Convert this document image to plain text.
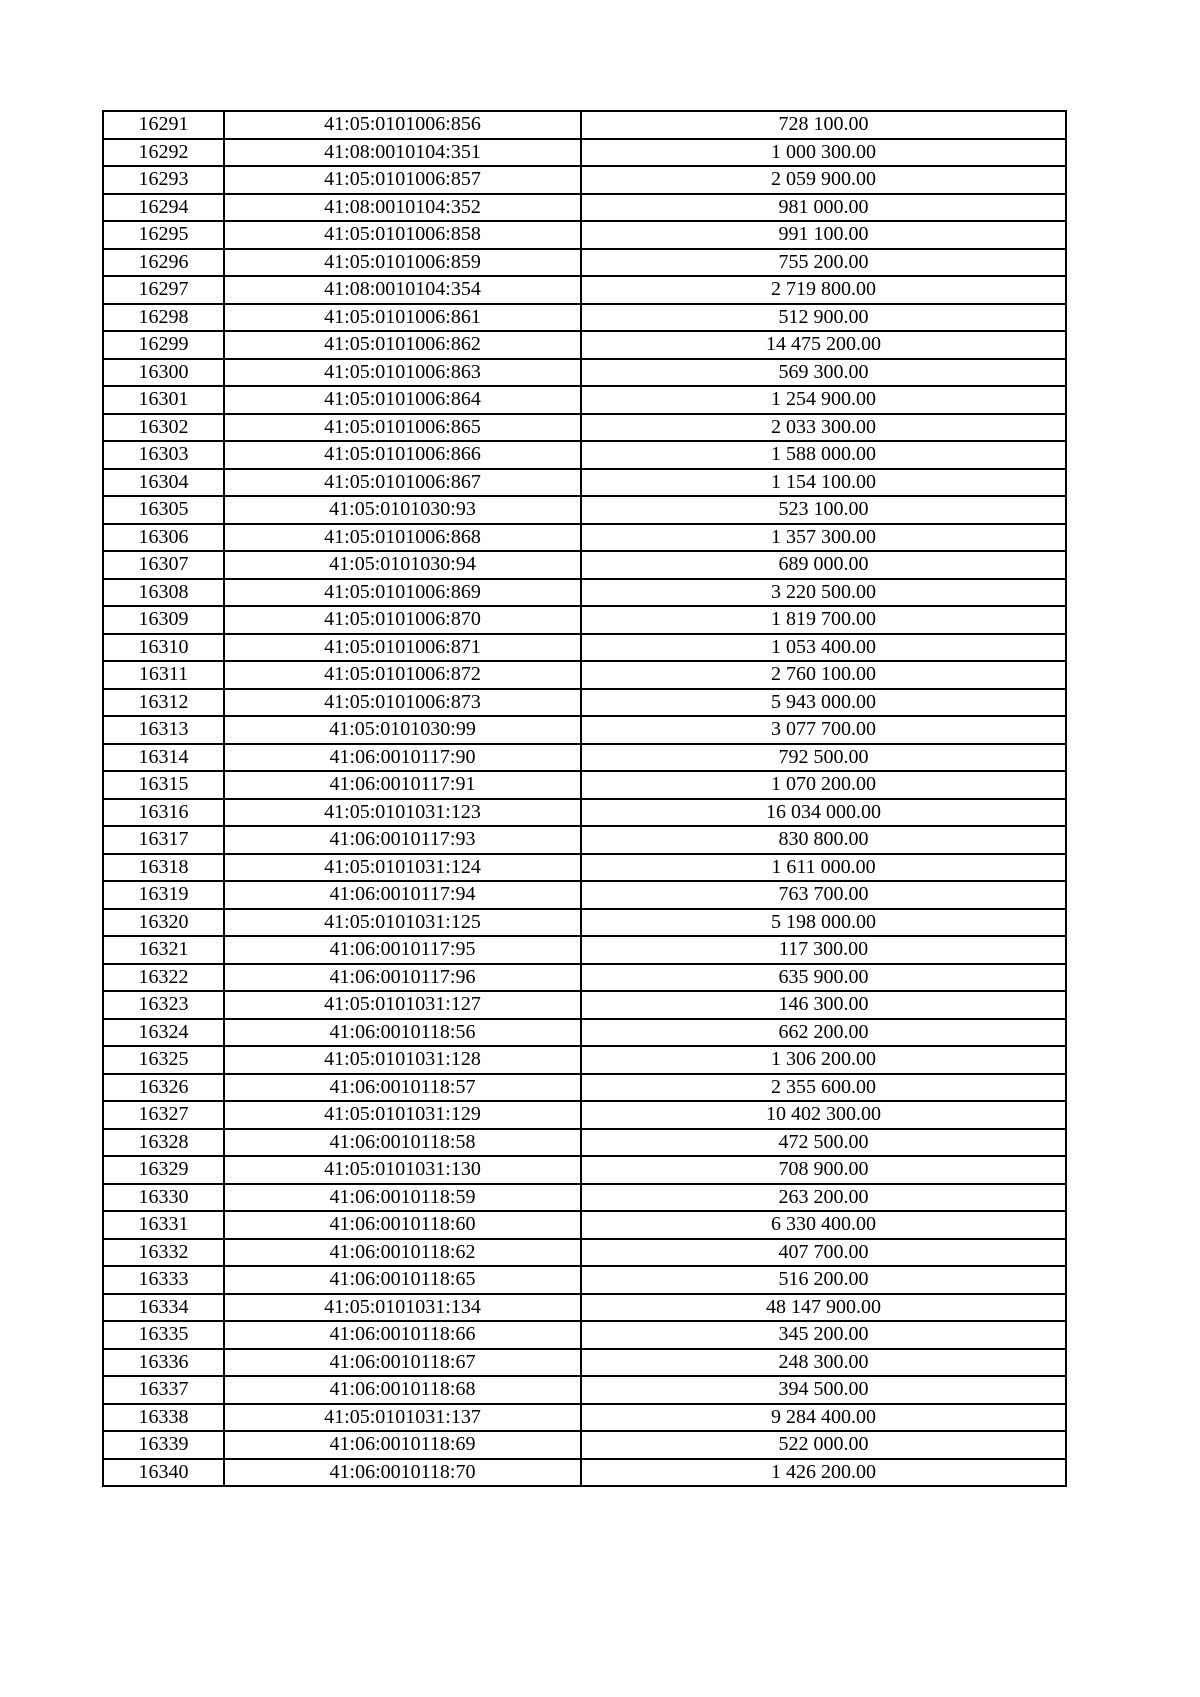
16291	41:05:0101006:856	728 100.00
16292	41:08:0010104:351	1 000 300.00
16293	41:05:0101006:857	2 059 900.00
16294	41:08:0010104:352	981 000.00
16295	41:05:0101006:858	991 100.00
16296	41:05:0101006:859	755 200.00
16297	41:08:0010104:354	2 719 800.00
16298	41:05:0101006:861	512 900.00
16299	41:05:0101006:862	14 475 200.00
16300	41:05:0101006:863	569 300.00
16301	41:05:0101006:864	1 254 900.00
16302	41:05:0101006:865	2 033 300.00
16303	41:05:0101006:866	1 588 000.00
16304	41:05:0101006:867	1 154 100.00
16305	41:05:0101030:93	523 100.00
16306	41:05:0101006:868	1 357 300.00
16307	41:05:0101030:94	689 000.00
16308	41:05:0101006:869	3 220 500.00
16309	41:05:0101006:870	1 819 700.00
16310	41:05:0101006:871	1 053 400.00
16311	41:05:0101006:872	2 760 100.00
16312	41:05:0101006:873	5 943 000.00
16313	41:05:0101030:99	3 077 700.00
16314	41:06:0010117:90	792 500.00
16315	41:06:0010117:91	1 070 200.00
16316	41:05:0101031:123	16 034 000.00
16317	41:06:0010117:93	830 800.00
16318	41:05:0101031:124	1 611 000.00
16319	41:06:0010117:94	763 700.00
16320	41:05:0101031:125	5 198 000.00
16321	41:06:0010117:95	117 300.00
16322	41:06:0010117:96	635 900.00
16323	41:05:0101031:127	146 300.00
16324	41:06:0010118:56	662 200.00
16325	41:05:0101031:128	1 306 200.00
16326	41:06:0010118:57	2 355 600.00
16327	41:05:0101031:129	10 402 300.00
16328	41:06:0010118:58	472 500.00
16329	41:05:0101031:130	708 900.00
16330	41:06:0010118:59	263 200.00
16331	41:06:0010118:60	6 330 400.00
16332	41:06:0010118:62	407 700.00
16333	41:06:0010118:65	516 200.00
16334	41:05:0101031:134	48 147 900.00
16335	41:06:0010118:66	345 200.00
16336	41:06:0010118:67	248 300.00
16337	41:06:0010118:68	394 500.00
16338	41:05:0101031:137	9 284 400.00
16339	41:06:0010118:69	522 000.00
16340	41:06:0010118:70	1 426 200.00
